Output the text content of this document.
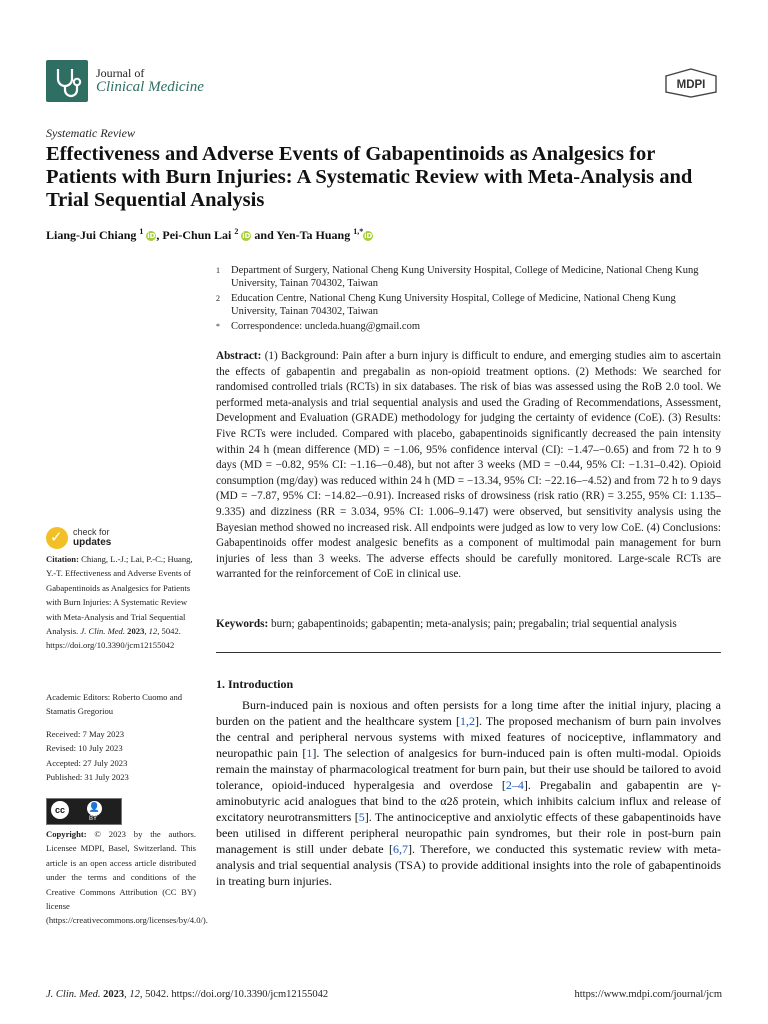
Journal of
Clinical Medicine	MDPI
Systematic Review
Effectiveness and Adverse Events of Gabapentinoids as Analgesics for Patients with Burn Injuries: A Systematic Review with Meta-Analysis and Trial Sequential Analysis
Liang-Jui Chiang $^1$ iD, Pei-Chun Lai $^2$ iD and Yen-Ta Huang $^{1,*}$iD
1	Department of Surgery, National Cheng Kung University Hospital, College of Medicine, National Cheng Kung University, Tainan 704302, Taiwan
2	Education Centre, National Cheng Kung University Hospital, College of Medicine, National Cheng Kung University, Tainan 704302, Taiwan
*	Correspondence: uncleda.huang@gmail.com

Abstract: (1) Background: Pain after a burn injury is difficult to endure, and emerging studies aim to ascertain the effects of gabapentin and pregabalin as non-opioid treatment options. (2) Methods: We searched for randomised controlled trials (RCTs) in six databases. The risk of bias was assessed using the RoB 2.0 tool. We performed meta-analysis and trial sequential analysis and used the Grading of Recommendations, Assessment, Development and Evaluation (GRADE) methodology for judging the certainty of evidence (CoE). (3) Results: Five RCTs were included. Compared with placebo, gabapentinoids significantly decreased the pain intensity within 24 h (mean difference (MD) = −1.06, 95% confidence interval (CI): −1.47–−0.65) and from 72 h to 9 days (MD = −0.82, 95% CI: −1.16–−0.48), but not after 3 weeks (MD = −0.44, 95% CI: −1.31–0.42). Opioid consumption (mg/day) was reduced within 24 h (MD = −13.34, 95% CI: −22.16–−4.52) and from 72 h to 9 days (MD = −7.87, 95% CI: −14.82–−0.91). Increased risks of drowsiness (risk ratio (RR) = 3.255, 95% CI: 1.135–9.335) and dizziness (RR = 3.034, 95% CI: 1.006–9.147) were observed, but sensitivity analysis using the Bayesian method showed no increased risk. All endpoints were judged as low to very low CoE. (4) Conclusions: Gabapentinoids offer modest analgesic benefits as a component of multimodal pain management for burn injuries of less than 3 weeks. The adverse effects should be carefully monitored. Large-scale RCTs are warranted for the reinforcement of CoE in clinical use.

Keywords: burn; gabapentinoids; gabapentin; meta-analysis; pain; pregabalin; trial sequential analysis

1. Introduction

Burn-induced pain is noxious and often persists for a long time after the initial injury, placing a burden on the patient and the healthcare system [1,2]. The proposed mechanism of burn pain involves the central and peripheral nervous systems with mixed features of nociceptive, inflammatory and neuropathic pain [1]. The selection of analgesics for burn-induced pain is often multi-modal. Opioids remain the mainstay of pharmacological treatment for burn pain, but their use should be tailored to avoid tolerance, opioid-induced hyperalgesia and overdose [2–4]. Pregabalin and gabapentin are γ-aminobutyric acid analogues that bind to the α2δ protein, which inhibits calcium influx and release of excitatory neurotransmitters [5]. The antinociceptive and anxiolytic effects of these gabapentinoids have been utilised in different peripheral neuropathic pain syndromes, but their role in post-burn pain management is still under debate [6,7]. Therefore, we conducted this systematic review with meta-analysis and trial sequential analysis (TSA) to provide additional insights into the role of gabapentinoids in treating burn injuries.

✓ check for
updates

Citation: Chiang, L.-J.; Lai, P.-C.; Huang, Y.-T. Effectiveness and Adverse Events of Gabapentinoids as Analgesics for Patients with Burn Injuries: A Systematic Review with Meta-Analysis and Trial Sequential Analysis. J. Clin. Med. 2023, 12, 5042. https://doi.org/10.3390/jcm12155042

Academic Editors: Roberto Cuomo and Stamatis Gregoriou

Received: 7 May 2023
Revised: 10 July 2023
Accepted: 27 July 2023
Published: 31 July 2023
cc	👤
BY

Copyright: © 2023 by the authors. Licensee MDPI, Basel, Switzerland. This article is an open access article distributed under the terms and conditions of the Creative Commons Attribution (CC BY) license (https://creativecommons.org/licenses/by/4.0/).

J. Clin. Med. 2023, 12, 5042. https://doi.org/10.3390/jcm12155042	https://www.mdpi.com/journal/jcm
